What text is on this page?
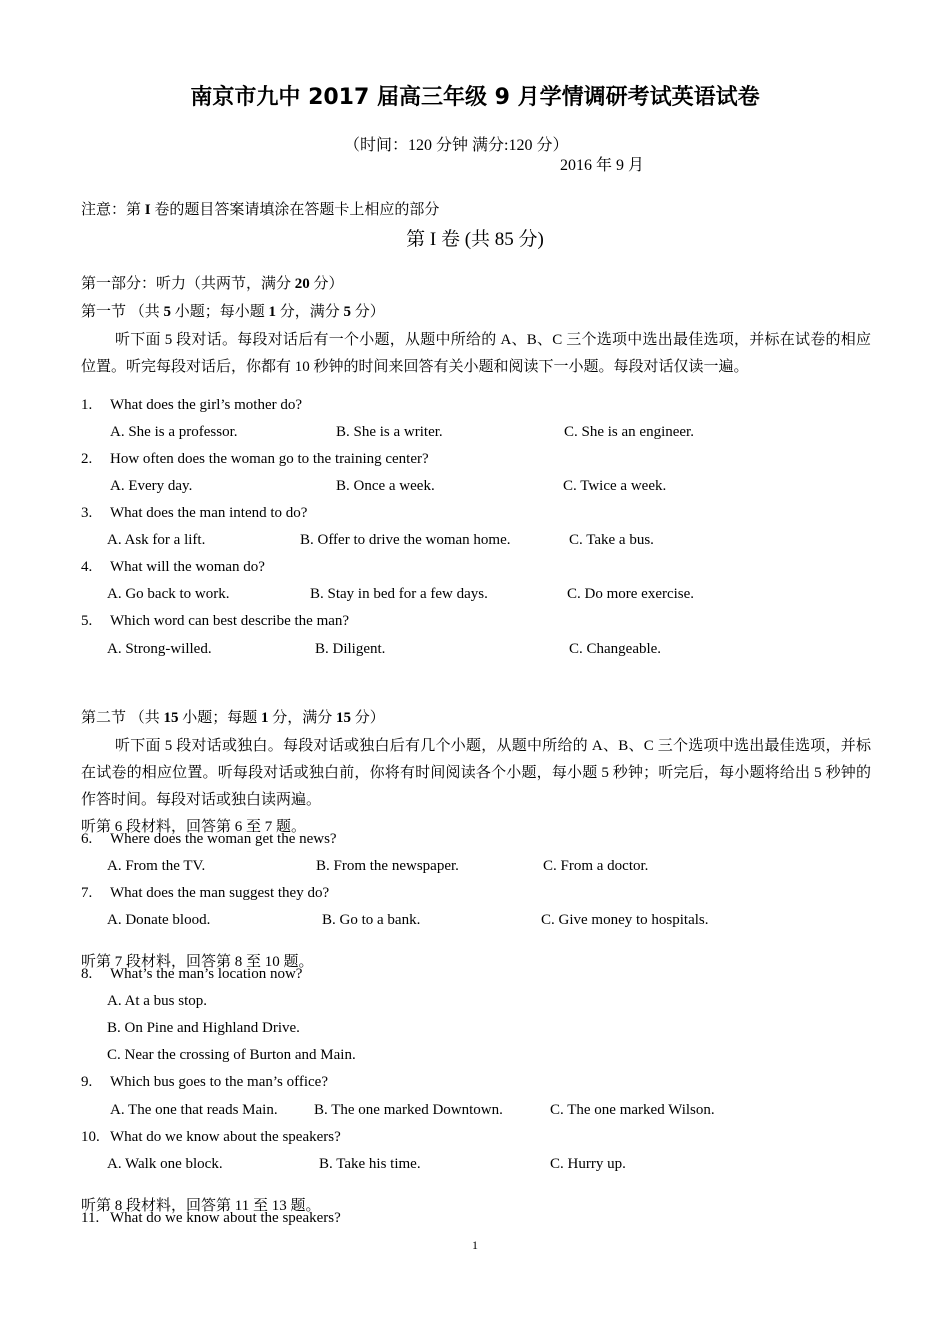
南京市九中 2017 届高三年级 9 月学情调研考试英语试卷
（时间：120 分钟 满分:120 分）
2016 年 9 月
注意：第 I 卷的题目答案请填涂在答题卡上相应的部分
第 I 卷 (共 85 分)
第一部分：听力（共两节，满分 20 分）
第一节 （共 5 小题；每小题 1 分，满分 5 分）
听下面 5 段对话。每段对话后有一个小题，从题中所给的 A、B、C 三个选项中选出最佳选项，并标在试卷的相应位置。听完每段对话后，你都有 10 秒钟的时间来回答有关小题和阅读下一小题。每段对话仅读一遍。
1. What does the girl’s mother do?
A. She is a professor.	B. She is a writer.	C. She is an engineer.
2. How often does the woman go to the training center?
A. Every day.	B. Once a week.	C. Twice a week.
3. What does the man intend to do?
A. Ask for a lift.	B. Offer to drive the woman home.	C. Take a bus.
4. What will the woman do?
A. Go back to work.	B. Stay in bed for a few days.	C. Do more exercise.
5. Which word can best describe the man?
A. Strong-willed.	B. Diligent.	C. Changeable.
第二节 （共 15 小题；每题 1 分，满分 15 分）
听下面 5 段对话或独白。每段对话或独白后有几个小题，从题中所给的 A、B、C 三个选项中选出最佳选项，并标在试卷的相应位置。听每段对话或独白前，你将有时间阅读各个小题，每小题 5 秒钟；听完后，每小题将给出 5 秒钟的作答时间。每段对话或独白读两遍。
听第 6 段材料，回答第 6 至 7 题。
6. Where does the woman get the news?
A. From the TV.	B. From the newspaper.	C. From a doctor.
7. What does the man suggest they do?
A. Donate blood.	B. Go to a bank.	C. Give money to hospitals.
听第 7 段材料，回答第 8 至 10 题。
8. What’s the man’s location now?
A. At a bus stop.
B. On Pine and Highland Drive.
C. Near the crossing of Burton and Main.
9. Which bus goes to the man’s office?
A. The one that reads Main. B. The one marked Downtown.	C. The one marked Wilson.
10. What do we know about the speakers?
A. Walk one block.	B. Take his time.	C. Hurry up.
听第 8 段材料，回答第 11 至 13 题。
11. What do we know about the speakers?
1
